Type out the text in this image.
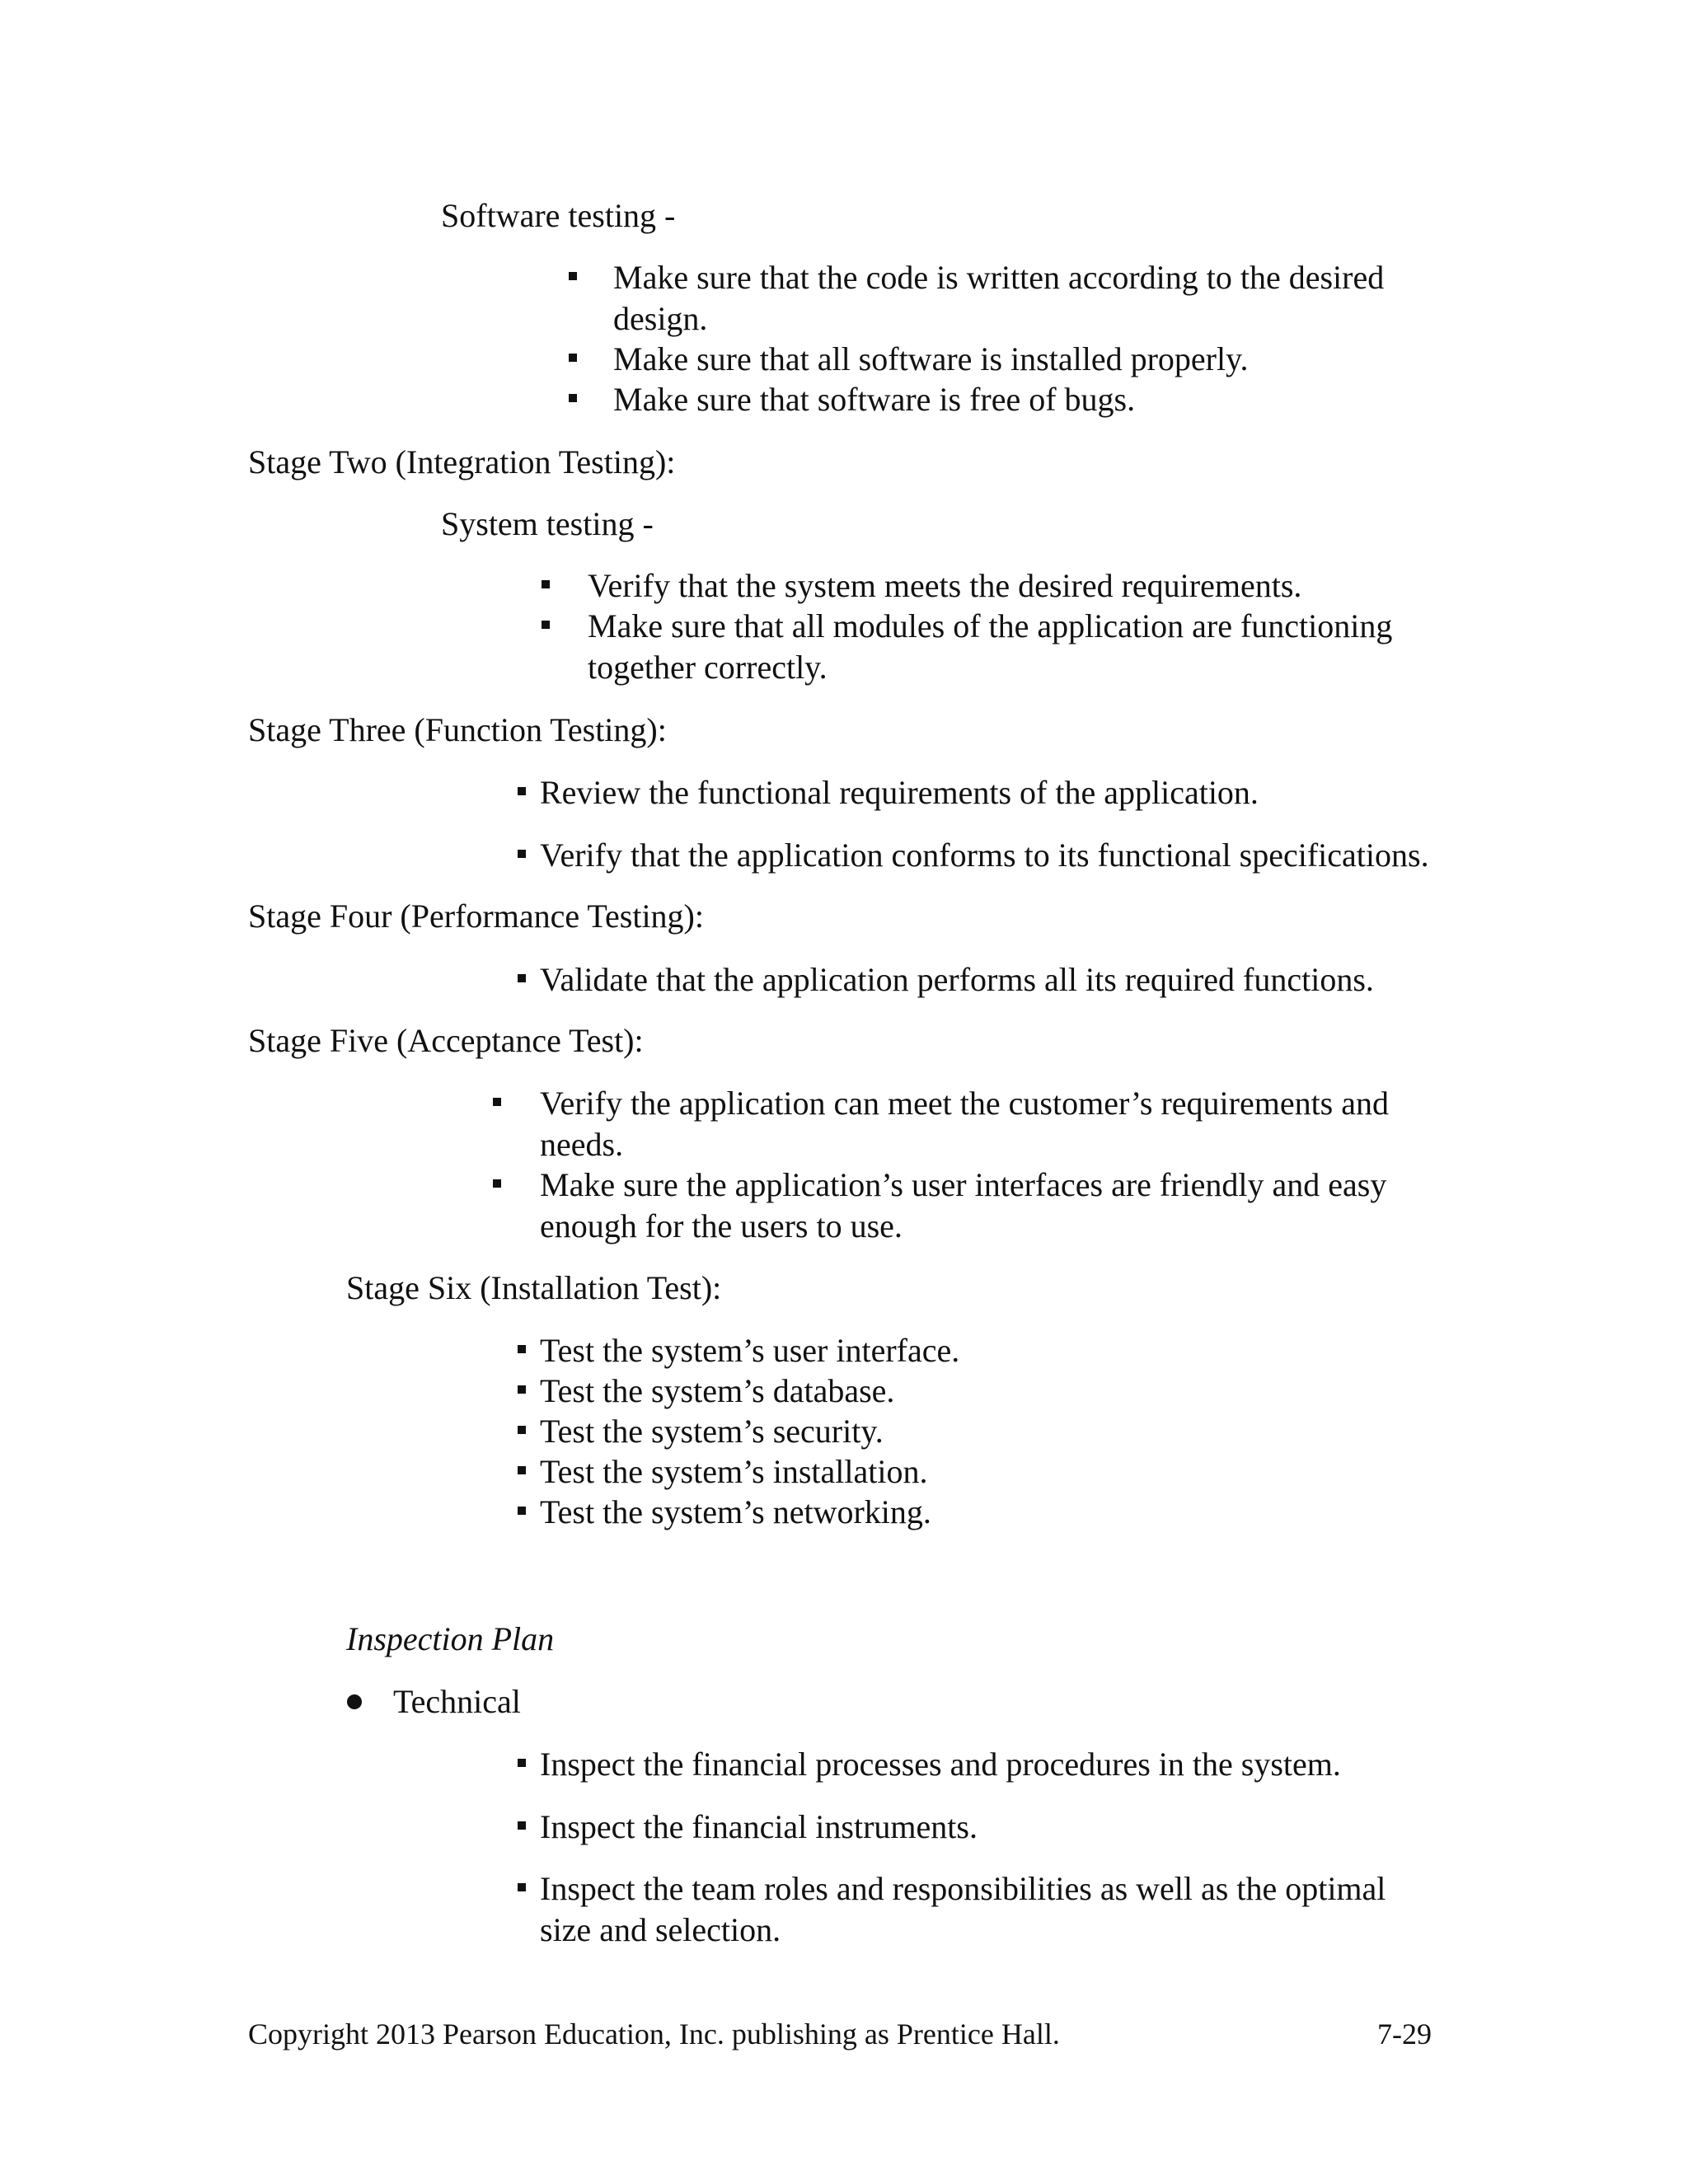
Software testing -
Make sure that the code is written according to the desired design.
Make sure that all software is installed properly.
Make sure that software is free of bugs.
Stage Two (Integration Testing):
System testing -
Verify that the system meets the desired requirements.
Make sure that all modules of the application are functioning together correctly.
Stage Three (Function Testing):
Review the functional requirements of the application.
Verify that the application conforms to its functional specifications.
Stage Four (Performance Testing):
Validate that the application performs all its required functions.
Stage Five (Acceptance Test):
Verify the application can meet the customer’s requirements and needs.
Make sure the application’s user interfaces are friendly and easy enough for the users to use.
Stage Six (Installation Test):
Test the system’s user interface.
Test the system’s database.
Test the system’s security.
Test the system’s installation.
Test the system’s networking.
Inspection Plan
Technical
Inspect the financial processes and procedures in the system.
Inspect the financial instruments.
Inspect the team roles and responsibilities as well as the optimal size and selection.
Copyright 2013 Pearson Education, Inc. publishing as Prentice Hall.	7-29
